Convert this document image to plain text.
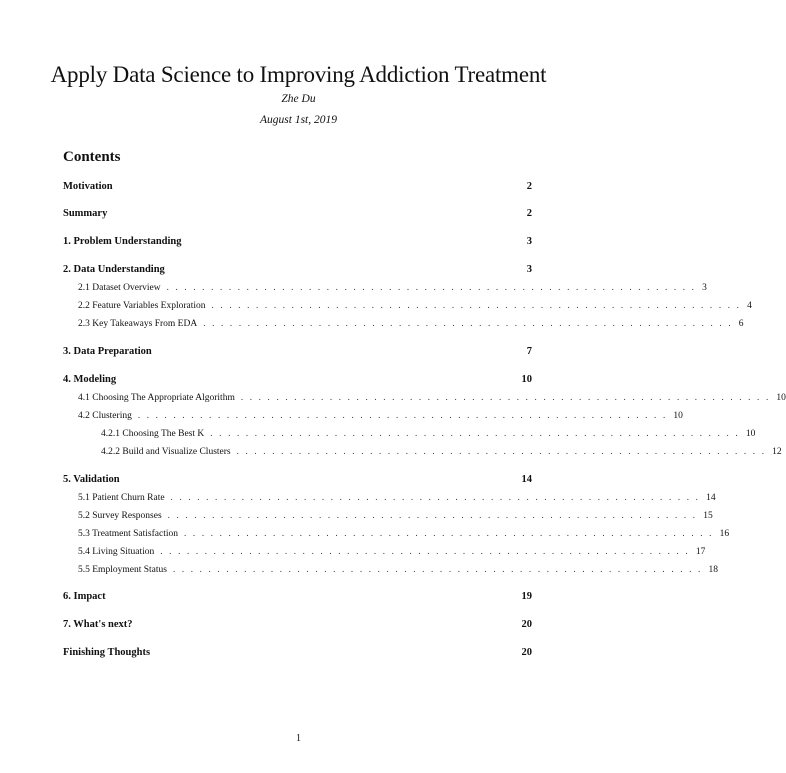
Apply Data Science to Improving Addiction Treatment
Zhe Du
August 1st, 2019
Contents
Motivation	2
Summary	2
1. Problem Understanding	3
2. Data Understanding	3
2.1 Dataset Overview . . . . . . . . . . . . . . . . . . . . . . . . . . . . . . . . . . . . . . . . . . . . . . . . . . . . . . . . . . . . 3
2.2 Feature Variables Exploration . . . . . . . . . . . . . . . . . . . . . . . . . . . . . . . . . . . . . . . . . . . . . . . . . . . . . . . . . . . . 4
2.3 Key Takeaways From EDA . . . . . . . . . . . . . . . . . . . . . . . . . . . . . . . . . . . . . . . . . . . . . . . . . . . . . . . . . . . . 6
3. Data Preparation	7
4. Modeling	10
4.1 Choosing The Appropriate Algorithm . . . . . . . . . . . . . . . . . . . . . . . . . . . . . . . . . . . . . . . . . . . . . . . . . . . . . . . . . . . . 10
4.2 Clustering . . . . . . . . . . . . . . . . . . . . . . . . . . . . . . . . . . . . . . . . . . . . . . . . . . . . . . . . . . . . 10
4.2.1 Choosing The Best K . . . . . . . . . . . . . . . . . . . . . . . . . . . . . . . . . . . . . . . . . . . . . . . . . . . . . . . . . . . . 10
4.2.2 Build and Visualize Clusters . . . . . . . . . . . . . . . . . . . . . . . . . . . . . . . . . . . . . . . . . . . . . . . . . . . . . . . . . . . . 12
5. Validation	14
5.1 Patient Churn Rate . . . . . . . . . . . . . . . . . . . . . . . . . . . . . . . . . . . . . . . . . . . . . . . . . . . . . . . . . . . . 14
5.2 Survey Responses . . . . . . . . . . . . . . . . . . . . . . . . . . . . . . . . . . . . . . . . . . . . . . . . . . . . . . . . . . . . 15
5.3 Treatment Satisfaction . . . . . . . . . . . . . . . . . . . . . . . . . . . . . . . . . . . . . . . . . . . . . . . . . . . . . . . . . . . . 16
5.4 Living Situation . . . . . . . . . . . . . . . . . . . . . . . . . . . . . . . . . . . . . . . . . . . . . . . . . . . . . . . . . . . . 17
5.5 Employment Status . . . . . . . . . . . . . . . . . . . . . . . . . . . . . . . . . . . . . . . . . . . . . . . . . . . . . . . . . . . . 18
6. Impact	19
7. What's next?	20
Finishing Thoughts	20
1
